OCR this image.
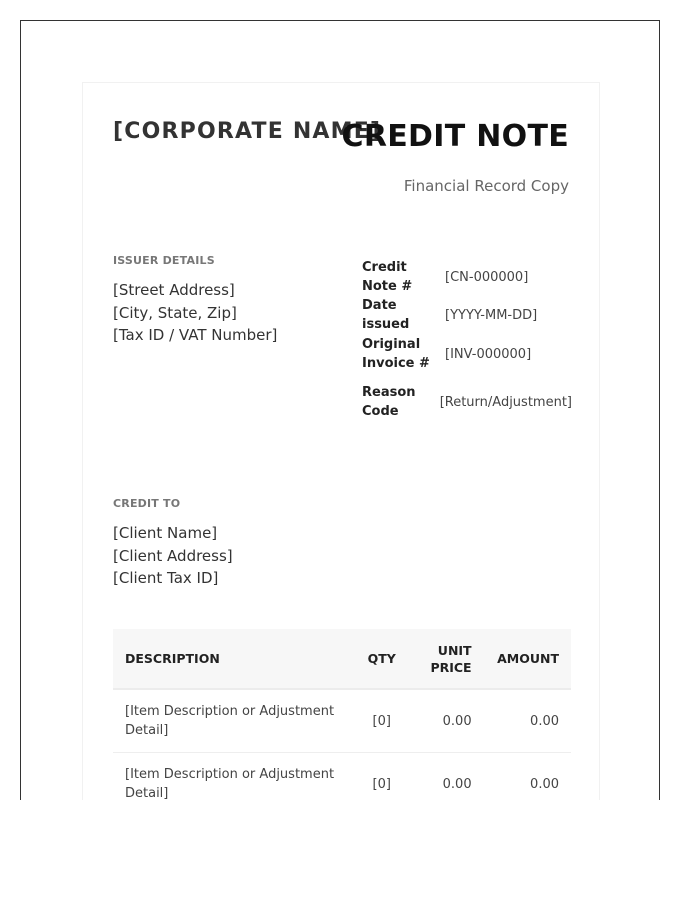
[CORPORATE NAME]
CREDIT NOTE
Financial Record Copy
ISSUER DETAILS
[Street Address]
[City, State, Zip]
[Tax ID / VAT Number]
Credit Note #
[CN-000000]
Date issued
[YYYY-MM-DD]
Original Invoice #
[INV-000000]
Reason Code
[Return/Adjustment]
CREDIT TO
[Client Name]
[Client Address]
[Client Tax ID]
DESCRIPTION	QTY	UNIT PRICE	AMOUNT
[Item Description or Adjustment Detail]	[0]	0.00	0.00
[Item Description or Adjustment Detail]	[0]	0.00	0.00
